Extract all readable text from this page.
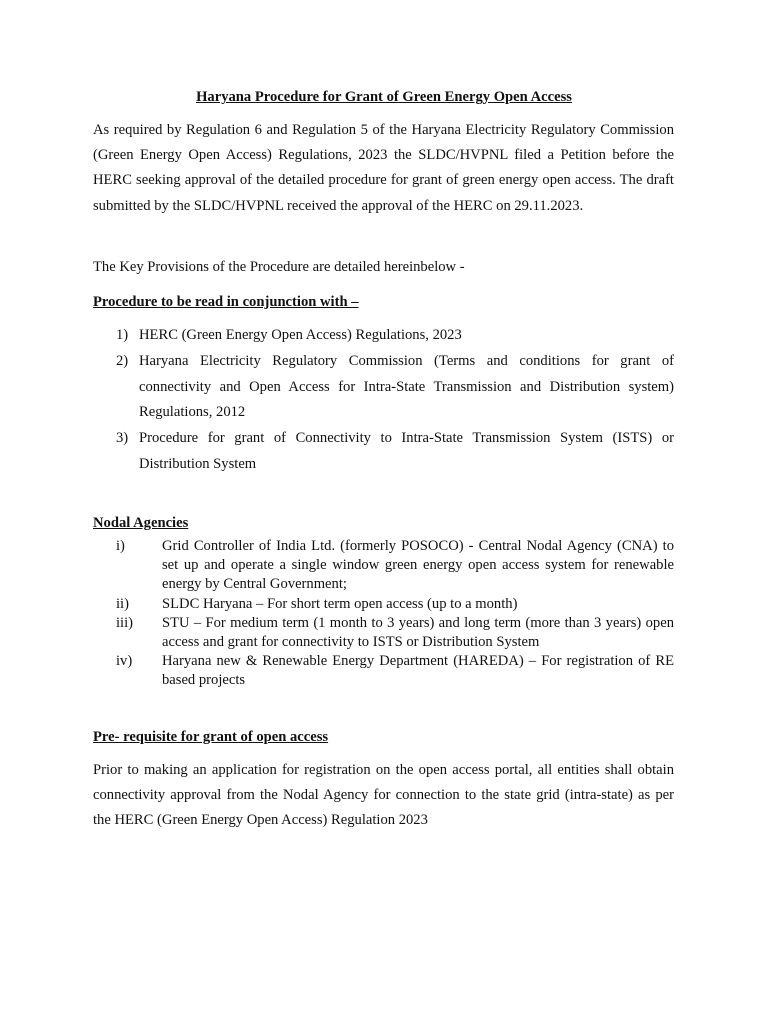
Haryana Procedure for Grant of Green Energy Open Access

As required by Regulation 6 and Regulation 5 of the Haryana Electricity Regulatory Commission (Green Energy Open Access) Regulations, 2023 the SLDC/HVPNL filed a Petition before the HERC seeking approval of the detailed procedure for grant of green energy open access. The draft submitted by the SLDC/HVPNL received the approval of the HERC on 29.11.2023.

The Key Provisions of the Procedure are detailed hereinbelow -

Procedure to be read in conjunction with –

1) HERC (Green Energy Open Access) Regulations, 2023
2) Haryana Electricity Regulatory Commission (Terms and conditions for grant of connectivity and Open Access for Intra-State Transmission and Distribution system) Regulations, 2012
3) Procedure for grant of Connectivity to Intra-State Transmission System (ISTS) or Distribution System

Nodal Agencies

i)	Grid Controller of India Ltd. (formerly POSOCO) - Central Nodal Agency (CNA) to set up and operate a single window green energy open access system for renewable energy by Central Government;
ii) SLDC Haryana – For short term open access (up to a month)
iii) STU – For medium term (1 month to 3 years) and long term (more than 3 years) open access and grant for connectivity to ISTS or Distribution System
iv) Haryana new & Renewable Energy Department (HAREDA) – For registration of RE based projects

Pre- requisite for grant of open access

Prior to making an application for registration on the open access portal, all entities shall obtain connectivity approval from the Nodal Agency for connection to the state grid (intra-state) as per the HERC (Green Energy Open Access) Regulation 2023
